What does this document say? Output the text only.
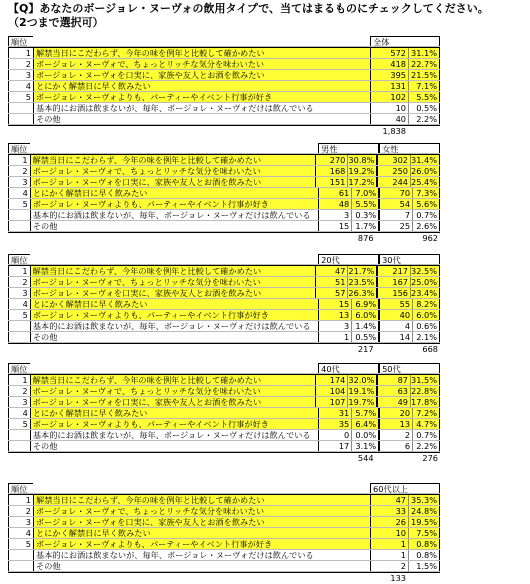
【Q】あなたのボージョレ・ヌーヴォの飲用タイプで、当てはまるものにチェックしてください。
（2つまで選択可）
順位	全体
1 解禁当日にこだわらず、今年の味を例年と比較して確かめたい	572 31.1%
2 ボージョレ・ヌーヴォで、ちょっとリッチな気分を味わいたい	418 22.7%
3 ボージョレ・ヌーヴォを口実に、家族や友人とお酒を飲みたい	395 21.5%
4 とにかく解禁日に早く飲みたい	131	7.1%
5 ボージョレ・ヌーヴォよりも、パーティーやイベント行事が好き	102	5.5%
基本的にお酒は飲まないが、毎年、ボージョレ・ヌーヴォだけは飲んでいる	10	0.5%
その他	40	2.2%
1,838
順位	男性	女性
1 解禁当日にこだわらず、今年の味を例年と比較して確かめたい	270 30.8%	302 31.4%
2 ボージョレ・ヌーヴォで、ちょっとリッチな気分を味わいたい	168 19.2%	250 26.0%
3 ボージョレ・ヌーヴォを口実に、家族や友人とお酒を飲みたい	151 17.2%	244 25.4%
4 とにかく解禁日に早く飲みたい	61 7.0%	70 7.3%
5 ボージョレ・ヌーヴォよりも、パーティーやイベント行事が好き	48 5.5%	54 5.6%
基本的にお酒は飲まないが、毎年、ボージョレ・ヌーヴォだけは飲んでいる	3 0.3%	7 0.7%
その他	15 1.7%	25 2.6%
876	962
順位	20代	30代
1 解禁当日にこだわらず、今年の味を例年と比較して確かめたい	47 21.7%	217 32.5%
2 ボージョレ・ヌーヴォで、ちょっとリッチな気分を味わいたい	51 23.5%	167 25.0%
3 ボージョレ・ヌーヴォを口実に、家族や友人とお酒を飲みたい	57 26.3%	156 23.4%
4 とにかく解禁日に早く飲みたい	15 6.9%	55 8.2%
5 ボージョレ・ヌーヴォよりも、パーティーやイベント行事が好き	13 6.0%	40 6.0%
基本的にお酒は飲まないが、毎年、ボージョレ・ヌーヴォだけは飲んでいる	3 1.4%	4 0.6%
その他	1 0.5%	14 2.1%
217	668
順位	40代	50代
1 解禁当日にこだわらず、今年の味を例年と比較して確かめたい	174 32.0%	87 31.5%
2 ボージョレ・ヌーヴォで、ちょっとリッチな気分を味わいたい	104 19.1%	63 22.8%
3 ボージョレ・ヌーヴォを口実に、家族や友人とお酒を飲みたい	107 19.7%	49 17.8%
4 とにかく解禁日に早く飲みたい	31 5.7%	20 7.2%
5 ボージョレ・ヌーヴォよりも、パーティーやイベント行事が好き	35 6.4%	13 4.7%
基本的にお酒は飲まないが、毎年、ボージョレ・ヌーヴォだけは飲んでいる	0 0.0%	2 0.7%
その他	17 3.1%	6 2.2%
544	276
順位	60代以上
1 解禁当日にこだわらず、今年の味を例年と比較して確かめたい	47 35.3%
2 ボージョレ・ヌーヴォで、ちょっとリッチな気分を味わいたい	33 24.8%
3 ボージョレ・ヌーヴォを口実に、家族や友人とお酒を飲みたい	26 19.5%
4 とにかく解禁日に早く飲みたい	10	7.5%
5 ボージョレ・ヌーヴォよりも、パーティーやイベント行事が好き	1	0.8%
基本的にお酒は飲まないが、毎年、ボージョレ・ヌーヴォだけは飲んでいる	1	0.8%
その他	2	1.5%
133
